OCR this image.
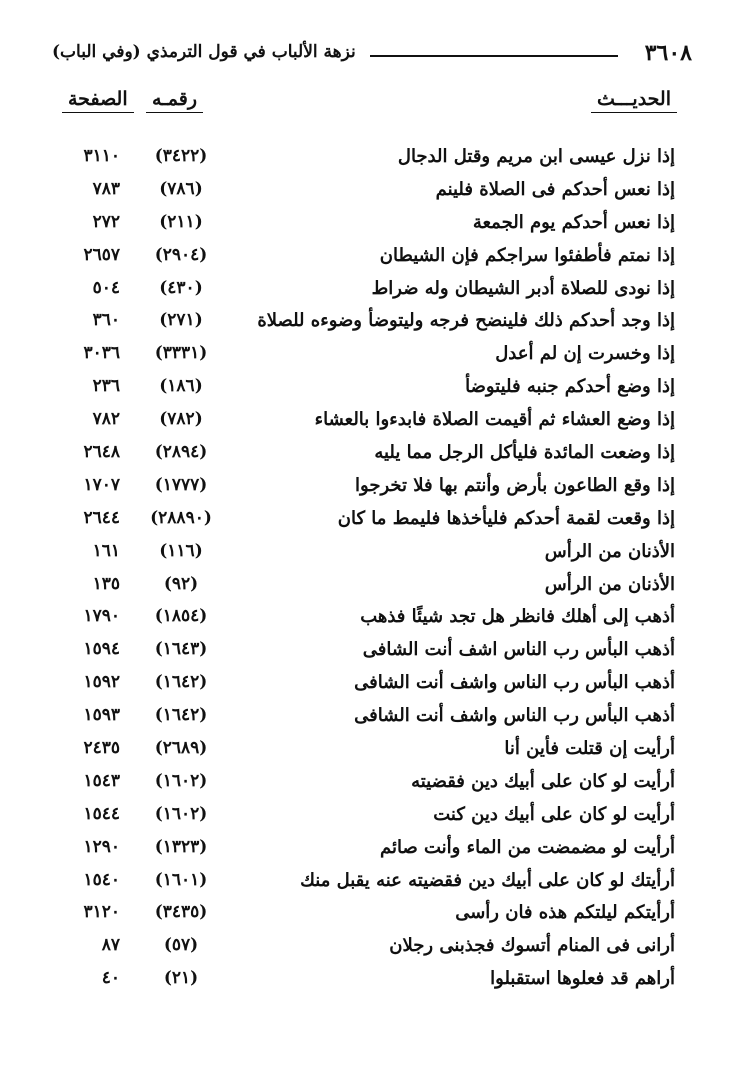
٣٦٠٨
نزهة الألباب في قول الترمذي (وفي الباب)
الحديـــث
رقمـه
الصفحة
إذا نزل عيسى ابن مريم وقتل الدجال
(٣٤٢٢)
٣١١٠
إذا نعس أحدكم فى الصلاة فلينم
(٧٨٦)
٧٨٣
إذا نعس أحدكم يوم الجمعة
(٢١١)
٢٧٢
إذا نمتم فأطفئوا سراجكم فإن الشيطان
(٢٩٠٤)
٢٦٥٧
إذا نودى للصلاة أدبر الشيطان وله ضراط
(٤٣٠)
٥٠٤
إذا وجد أحدكم ذلك فلينضح فرجه وليتوضأ وضوءه للصلاة
(٢٧١)
٣٦٠
إذا وخسرت إن لم أعدل
(٣٣٣١)
٣٠٣٦
إذا وضع أحدكم جنبه فليتوضأ
(١٨٦)
٢٣٦
إذا وضع العشاء ثم أقيمت الصلاة فابدءوا بالعشاء
(٧٨٢)
٧٨٢
إذا وضعت المائدة فليأكل الرجل مما يليه
(٢٨٩٤)
٢٦٤٨
إذا وقع الطاعون بأرض وأنتم بها فلا تخرجوا
(١٧٧٧)
١٧٠٧
إذا وقعت لقمة أحدكم فليأخذها فليمط ما كان
(٢٨٨٩٠)
٢٦٤٤
الأذنان من الرأس
(١١٦)
١٦١
الأذنان من الرأس
(٩٢)
١٣٥
أذهب إلى أهلك فانظر هل تجد شيئًا فذهب
(١٨٥٤)
١٧٩٠
أذهب البأس رب الناس اشف أنت الشافى
(١٦٤٣)
١٥٩٤
أذهب البأس رب الناس واشف أنت الشافى
(١٦٤٢)
١٥٩٢
أذهب البأس رب الناس واشف أنت الشافى
(١٦٤٢)
١٥٩٣
أرأيت إن قتلت فأين أنا
(٢٦٨٩)
٢٤٣٥
أرأيت لو كان على أبيك دين فقضيته
(١٦٠٢)
١٥٤٣
أرأيت لو كان على أبيك دين كنت
(١٦٠٢)
١٥٤٤
أرأيت لو مضمضت من الماء وأنت صائم
(١٣٢٣)
١٢٩٠
أرأيتك لو كان على أبيك دين فقضيته عنه يقبل منك
(١٦٠١)
١٥٤٠
أرأيتكم ليلتكم هذه فان رأسى
(٣٤٣٥)
٣١٢٠
أرانى فى المنام أتسوك فجذبنى رجلان
(٥٧)
٨٧
أراهم قد فعلوها استقبلوا
(٢١)
٤٠
